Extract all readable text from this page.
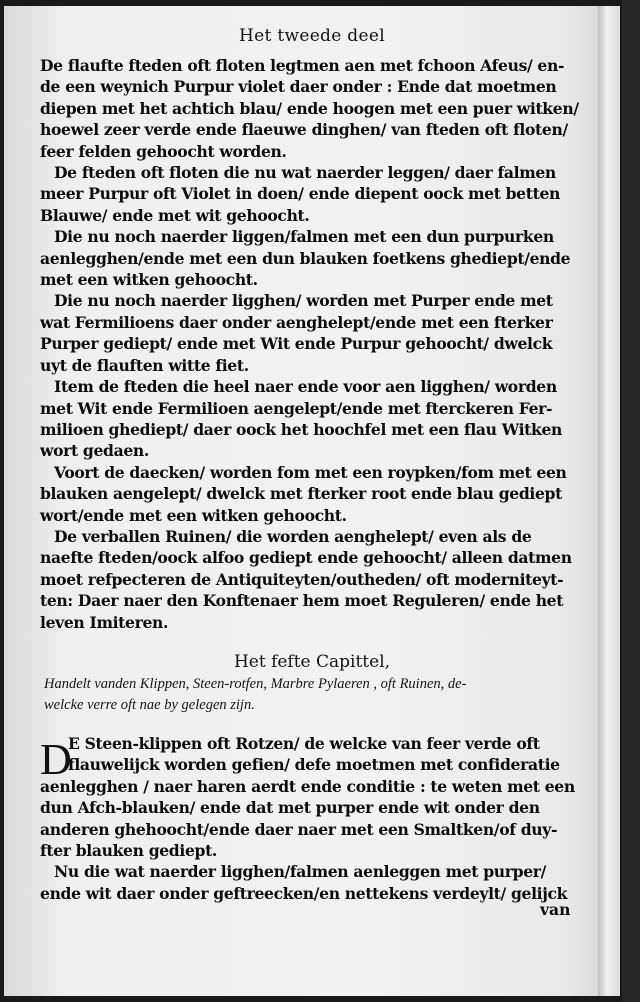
Het tweede deel
De flaufte fteden oft floten legtmen aen met fchoon Afeus/ en-
de een weynich Purpur violet daer onder : Ende dat moetmen
diepen met het achtich blau/ ende hoogen met een puer witken/
hoewel zeer verde ende flaeuwe dinghen/ van fteden oft floten/
feer felden gehoocht worden.
De fteden oft floten die nu wat naerder leggen/ daer falmen
meer Purpur oft Violet in doen/ ende diepent oock met betten
Blauwe/ ende met wit gehoocht.
Die nu noch naerder liggen/falmen met een dun purpurken
aenlegghen/ende met een dun blauken foetkens ghediept/ende
met een witken gehoocht.
Die nu noch naerder ligghen/ worden met Purper ende met
wat Fermilioens daer onder aenghelept/ende met een fterker
Purper gediept/ ende met Wit ende Purpur gehoocht/ dwelck
uyt de flauften witte fiet.
Item de fteden die heel naer ende voor aen ligghen/ worden
met Wit ende Fermilioen aengelept/ende met fterckeren Fer-
milioen ghediept/ daer oock het hoochfel met een flau Witken
wort gedaen.
Voort de daecken/ worden fom met een roypken/fom met een
blauken aengelept/ dwelck met fterker root ende blau gediept
wort/ende met een witken gehoocht.
De verballen Ruinen/ die worden aenghelept/ even als de
naefte fteden/oock alfoo gediept ende gehoocht/ alleen datmen
moet refpecteren de Antiquiteyten/outheden/ oft moderniteyt-
ten: Daer naer den Konftenaer hem moet Reguleren/ ende het
leven Imiteren.
Het fefte Capittel,
Handelt vanden Klippen, Steen-rotfen, Marbre Pylaeren , oft Ruinen, de-
welcke verre oft nae by gelegen zijn.
D
E Steen-klippen oft Rotzen/ de welcke van feer verde oft
flauwelijck worden gefien/ defe moetmen met confideratie
aenlegghen / naer haren aerdt ende conditie : te weten met een
dun Afch-blauken/ ende dat met purper ende wit onder den
anderen ghehoocht/ende daer naer met een Smaltken/of duy-
fter blauken gediept.
Nu die wat naerder ligghen/falmen aenleggen met purper/
ende wit daer onder geftreecken/en nettekens verdeylt/ gelijck
van
